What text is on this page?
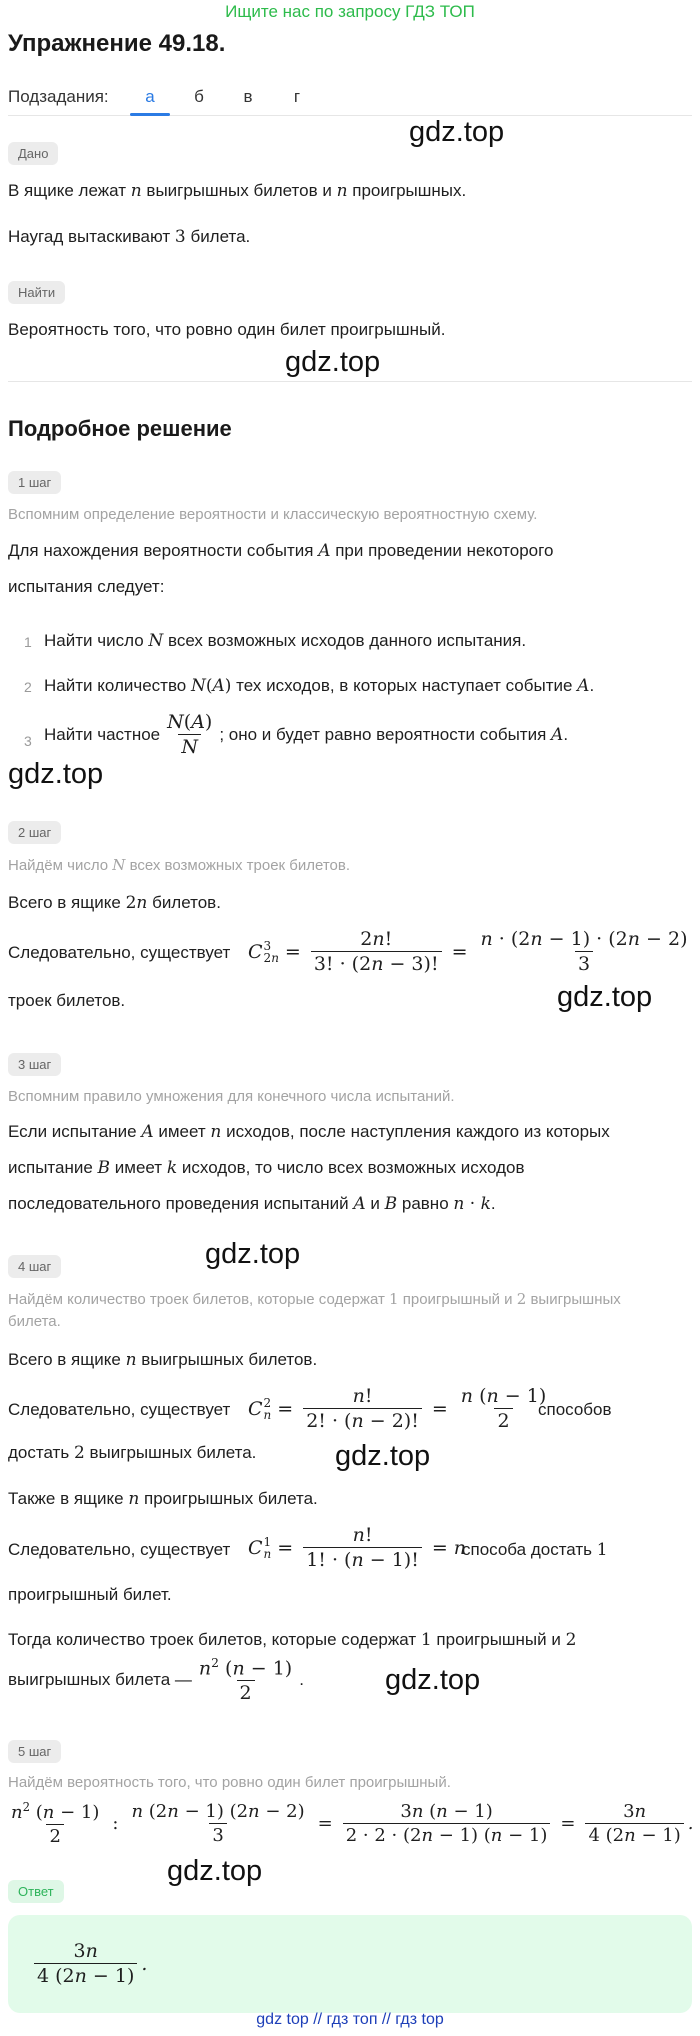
Ищите нас по запросу ГДЗ ТОП
Упражнение 49.18.
Подзадания:	а	б	в	г
gdz.top
Дано
В ящике лежат n выигрышных билетов и n проигрышных.
Наугад вытаскивают 3 билета.
Найти
Вероятность того, что ровно один билет проигрышный.
gdz.top
Подробное решение
1 шаг
Вспомним определение вероятности и классическую вероятностную схему.
Для нахождения вероятности события A при проведении некоторого
испытания следует:
1 Найти число N всех возможных исходов данного испытания.
2 Найти количество N(A) тех исходов, в которых наступает событие A.
3 Найти частное $\frac{N(A)}{N}$ ; оно и будет равно вероятности события
A .
gdz.top
2 шаг
Найдём число N всех возможных троек билетов.
Всего в ящике 2n билетов.
Следовательно, существует C 3
$2n = \frac{2n!}{3! \cdot (2n - 3)!} = \frac{n \cdot (2n - 1) \cdot (2n - 2)}{3}$
троек билетов.	gdz.top
3 шаг
Вспомним правило умножения для конечного числа испытаний.
Если испытание A имеет n исходов, после наступления каждого из которых
испытание B имеет k исходов, то число всех возможных исходов
последовательного проведения испытаний A и B равно n · k.
gdz.top
4 шаг
Найдём количество троек билетов, которые содержат 1 проигрышный и 2 выигрышных
билета.
Всего в ящике n выигрышных билетов.
Следовательно, существует C 2
$n = \frac{n!}{2! \cdot (n - 2)!} = \frac{n (n - 1)}{2}$
способов
достать 2 выигрышных билета.	gdz.top
Также в ящике n проигрышных билета.
Следовательно, существует C 1
$n = \frac{n!}{1! \cdot (n - 1)!} = n$
способа достать 1
проигрышный билет.
Тогда количество троек билетов, которые содержат 1 проигрышный и 2
выигрышных билета — $\frac{n^2 (n - 1)}{2}$ .	gdz.top
5 шаг
Найдём вероятность того, что ровно один билет проигрышный.
$\frac{n^2 (n - 1)}{2}$ : $\frac{n (2n - 1) (2n - 2)}{3} = \frac{3n (n - 1)}{2 \cdot 2 \cdot (2n - 1) (n - 1)} = \frac{3n}{4 (2n - 1)}$ .
gdz.top
Ответ
$\frac{3n}{4 (2n - 1)}$ .
gdz top // гдз топ // гдз top
